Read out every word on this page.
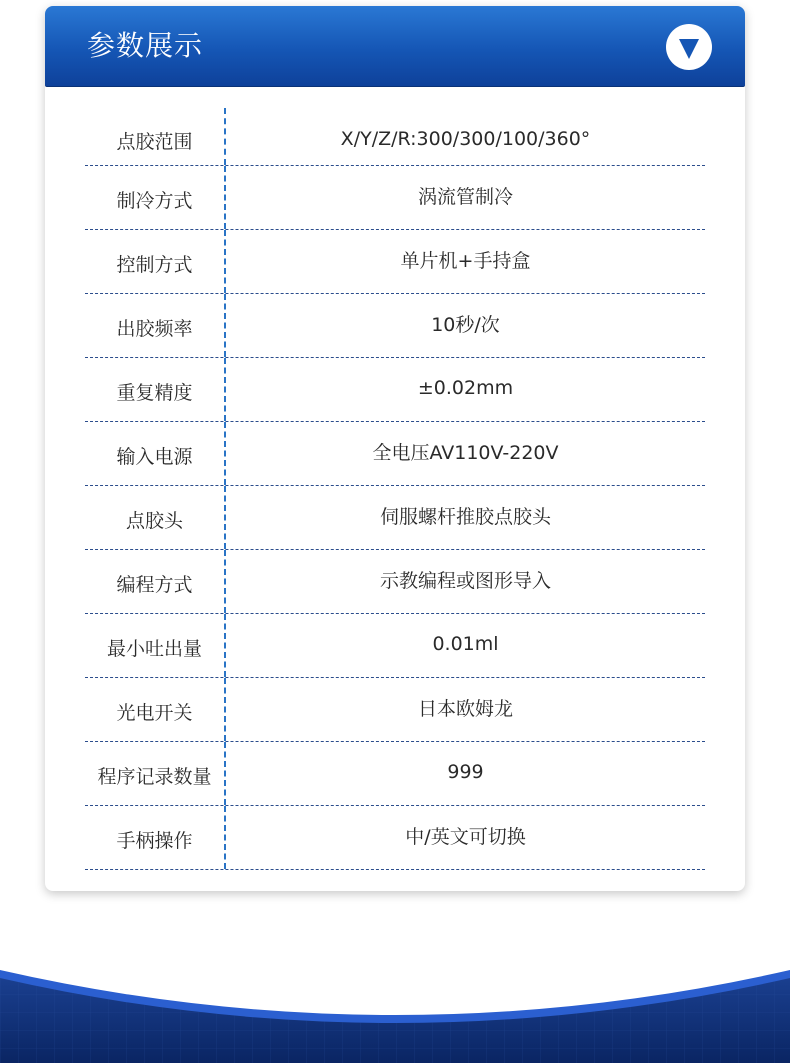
参数展示
点胶范围	X/Y/Z/R:300/300/100/360°
制冷方式	涡流管制冷
控制方式	单片机+手持盒
出胶频率	10秒/次
重复精度	±0.02mm
输入电源	全电压AV110V-220V
点胶头	伺服螺杆推胶点胶头
编程方式	示教编程或图形导入
最小吐出量	0.01ml
光电开关	日本欧姆龙
程序记录数量	999
手柄操作	中/英文可切换
